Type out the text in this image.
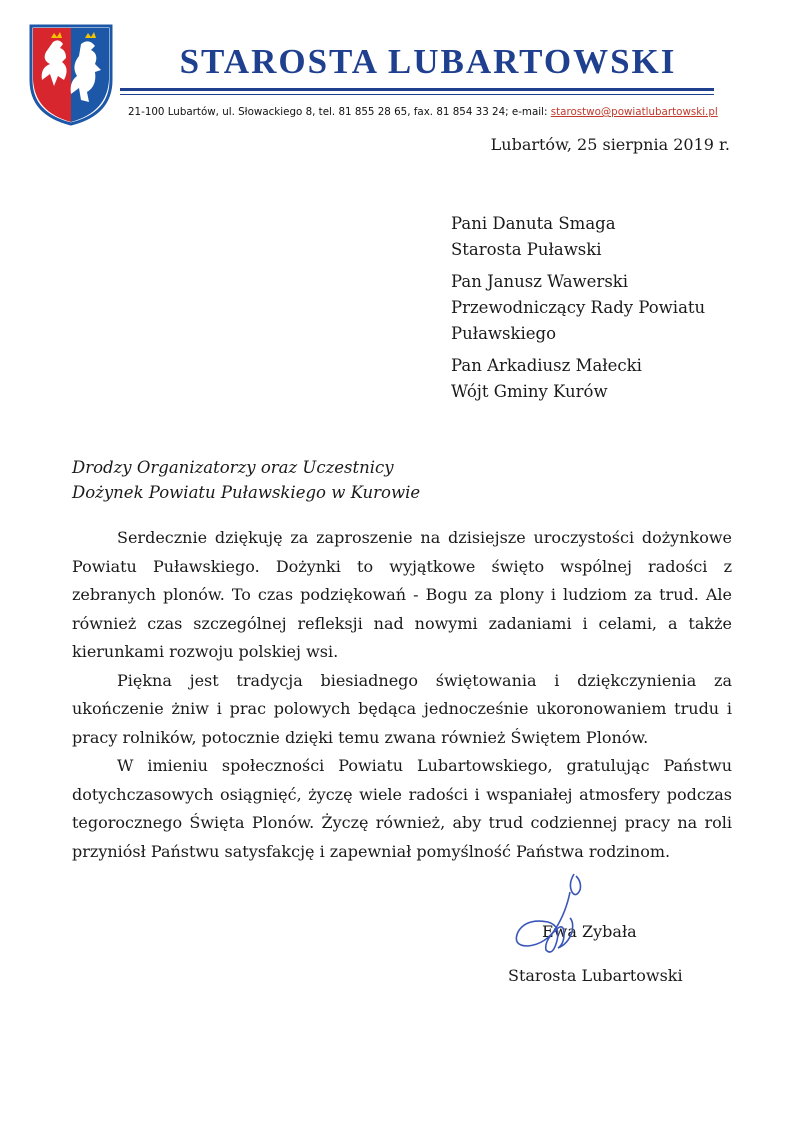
STAROSTA LUBARTOWSKI
21-100 Lubartów, ul. Słowackiego 8, tel. 81 855 28 65, fax. 81 854 33 24; e-mail: starostwo@powiatlubartowski.pl
Lubartów, 25 sierpnia 2019 r.
Pani Danuta Smaga
Starosta Puławski
Pan Janusz Wawerski
Przewodniczący Rady Powiatu
Puławskiego
Pan Arkadiusz Małecki
Wójt Gminy Kurów
Drodzy Organizatorzy oraz Uczestnicy
Dożynek Powiatu Puławskiego w Kurowie

Serdecznie dziękuję za zaproszenie na dzisiejsze uroczystości dożynkowe Powiatu Puławskiego. Dożynki to wyjątkowe święto wspólnej radości z zebranych plonów. To czas podziękowań - Bogu za plony i ludziom za trud. Ale również czas szczególnej refleksji nad nowymi zadaniami i celami, a także kierunkami rozwoju polskiej wsi.

Piękna jest tradycja biesiadnego świętowania i dziękczynienia za ukończenie żniw i prac polowych będąca jednocześnie ukoronowaniem trudu i pracy rolników, potocznie dzięki temu zwana również Świętem Plonów.

W imieniu społeczności Powiatu Lubartowskiego, gratulując Państwu dotychczasowych osiągnięć, życzę wiele radości i wspaniałej atmosfery podczas tegorocznego Święta Plonów. Życzę również, aby trud codziennej pracy na roli przyniósł Państwu satysfakcję i zapewniał pomyślność Państwa rodzinom.

Ewa Zybała
Starosta Lubartowski
